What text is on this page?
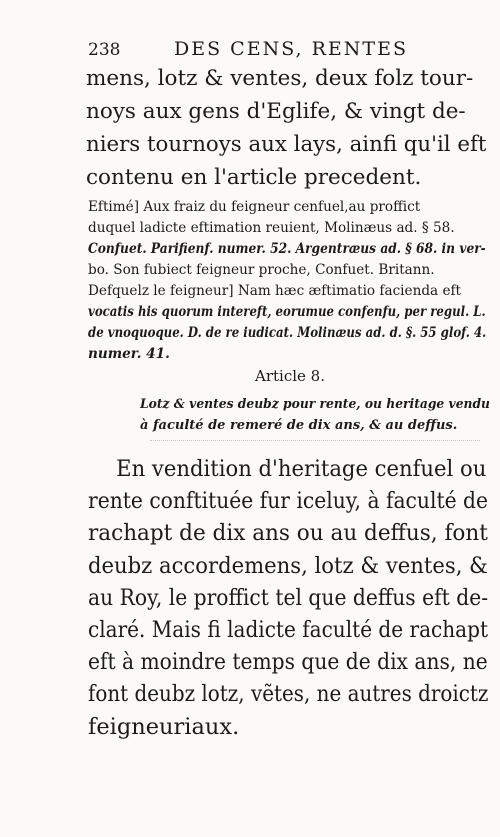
238	DES CENS, RENTES
mens, lotz & ventes, deux folz tour-
noys aux gens d'Eglife, & vingt de-
niers tournoys aux lays, ainfi qu'il eft
contenu en l'article precedent.
Eftimé] Aux fraiz du feigneur cenfuel,au proffict
duquel ladicte eftimation reuient, Molinæus ad. § 58.
Confuet. Parifienf. numer. 52. Argentræus ad. § 68. in ver-
bo. Son fubiect feigneur proche, Confuet. Britann.
Defquelz le feigneur] Nam hæc æftimatio facienda eft
vocatis his quorum intereft, eorumue confenfu, per regul. L.
de vnoquoque. D. de re iudicat. Molinæus ad. d. §. 55 glof. 4.
numer. 41.
Article 8.
Lotz & ventes deubz pour rente, ou heritage vendu
à faculté de remeré de dix ans, & au deffus.
En vendition d'heritage cenfuel ou
rente conftituée fur iceluy, à faculté de
rachapt de dix ans ou au deffus, font
deubz accordemens, lotz & ventes, &
au Roy, le proffict tel que deffus eft de-
claré. Mais fi ladicte faculté de rachapt
eft à moindre temps que de dix ans, ne
font deubz lotz, vẽtes, ne autres droictz
feigneuriaux.
